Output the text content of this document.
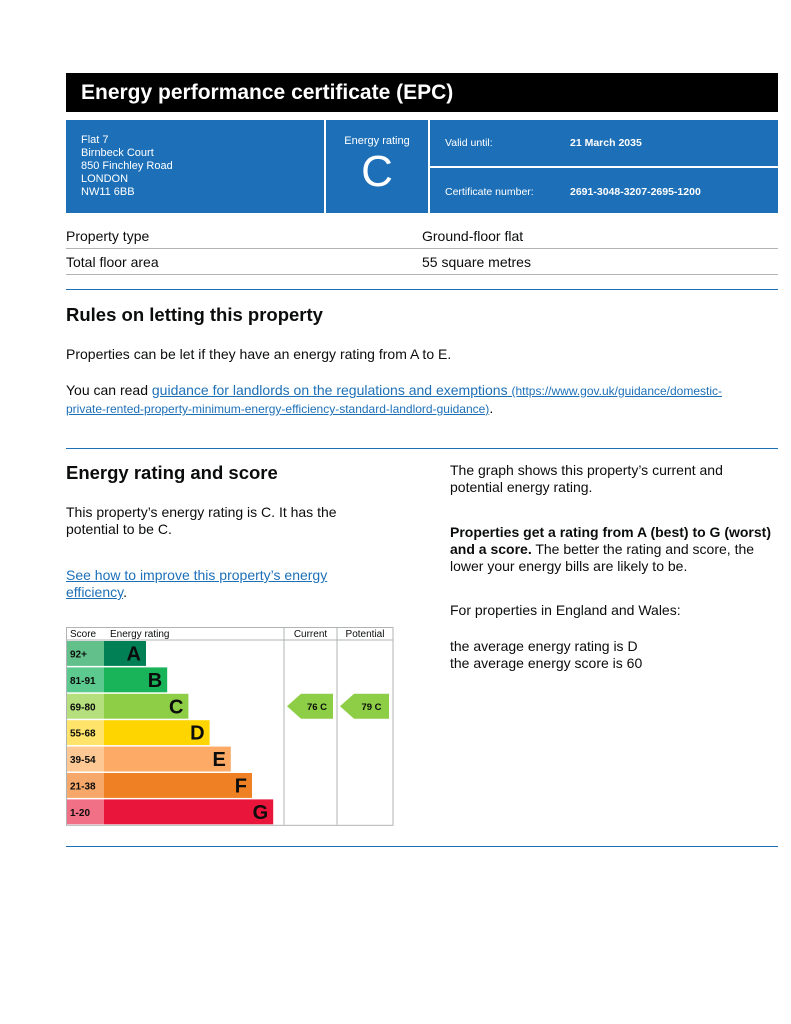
Energy performance certificate (EPC)
Flat 7
Birnbeck Court
850 Finchley Road
LONDON
NW11 6BB
Energy rating
C
Valid until:	21 March 2035
Certificate number:	2691-3048-3207-2695-1200
Property type	Ground-floor flat
Total floor area	55 square metres
Rules on letting this property
Properties can be let if they have an energy rating from A to E.
You can read guidance for landlords on the regulations and exemptions (https://www.gov.uk/guidance/domestic-
private-rented-property-minimum-energy-efficiency-standard-landlord-guidance).
Energy rating and score
This property’s energy rating is C. It has the
potential to be C.
See how to improve this property’s energy
efficiency.
The graph shows this property’s current and
potential energy rating.
Properties get a rating from A (best) to G (worst)
and a score. The better the rating and score, the
lower your energy bills are likely to be.
For properties in England and Wales:
the average energy rating is D
the average energy score is 60
Score Energy rating	Current Potential
92+ A
81-91	B
69-80	C
55-68	D
39-54	E
21-38	F
1-20	G
76 C	79 C
